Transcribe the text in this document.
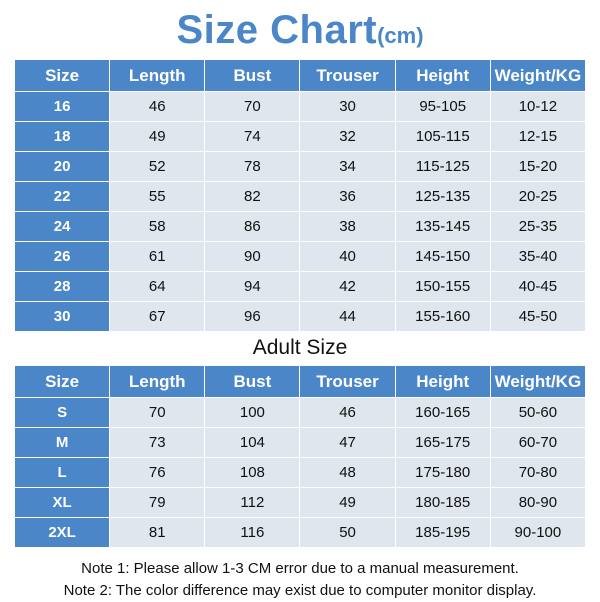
Size Chart(cm)
Size	Length	Bust	Trouser	Height	Weight/KG
16	46	70	30	95-105	10-12
18	49	74	32	105-115	12-15
20	52	78	34	115-125	15-20
22	55	82	36	125-135	20-25
24	58	86	38	135-145	25-35
26	61	90	40	145-150	35-40
28	64	94	42	150-155	40-45
30	67	96	44	155-160	45-50
Adult Size
Size	Length	Bust	Trouser	Height	Weight/KG
S	70	100	46	160-165	50-60
M	73	104	47	165-175	60-70
L	76	108	48	175-180	70-80
XL	79	112	49	180-185	80-90
2XL	81	116	50	185-195	90-100
Note 1: Please allow 1-3 CM error due to a manual measurement.
Note 2: The color difference may exist due to computer monitor display.
